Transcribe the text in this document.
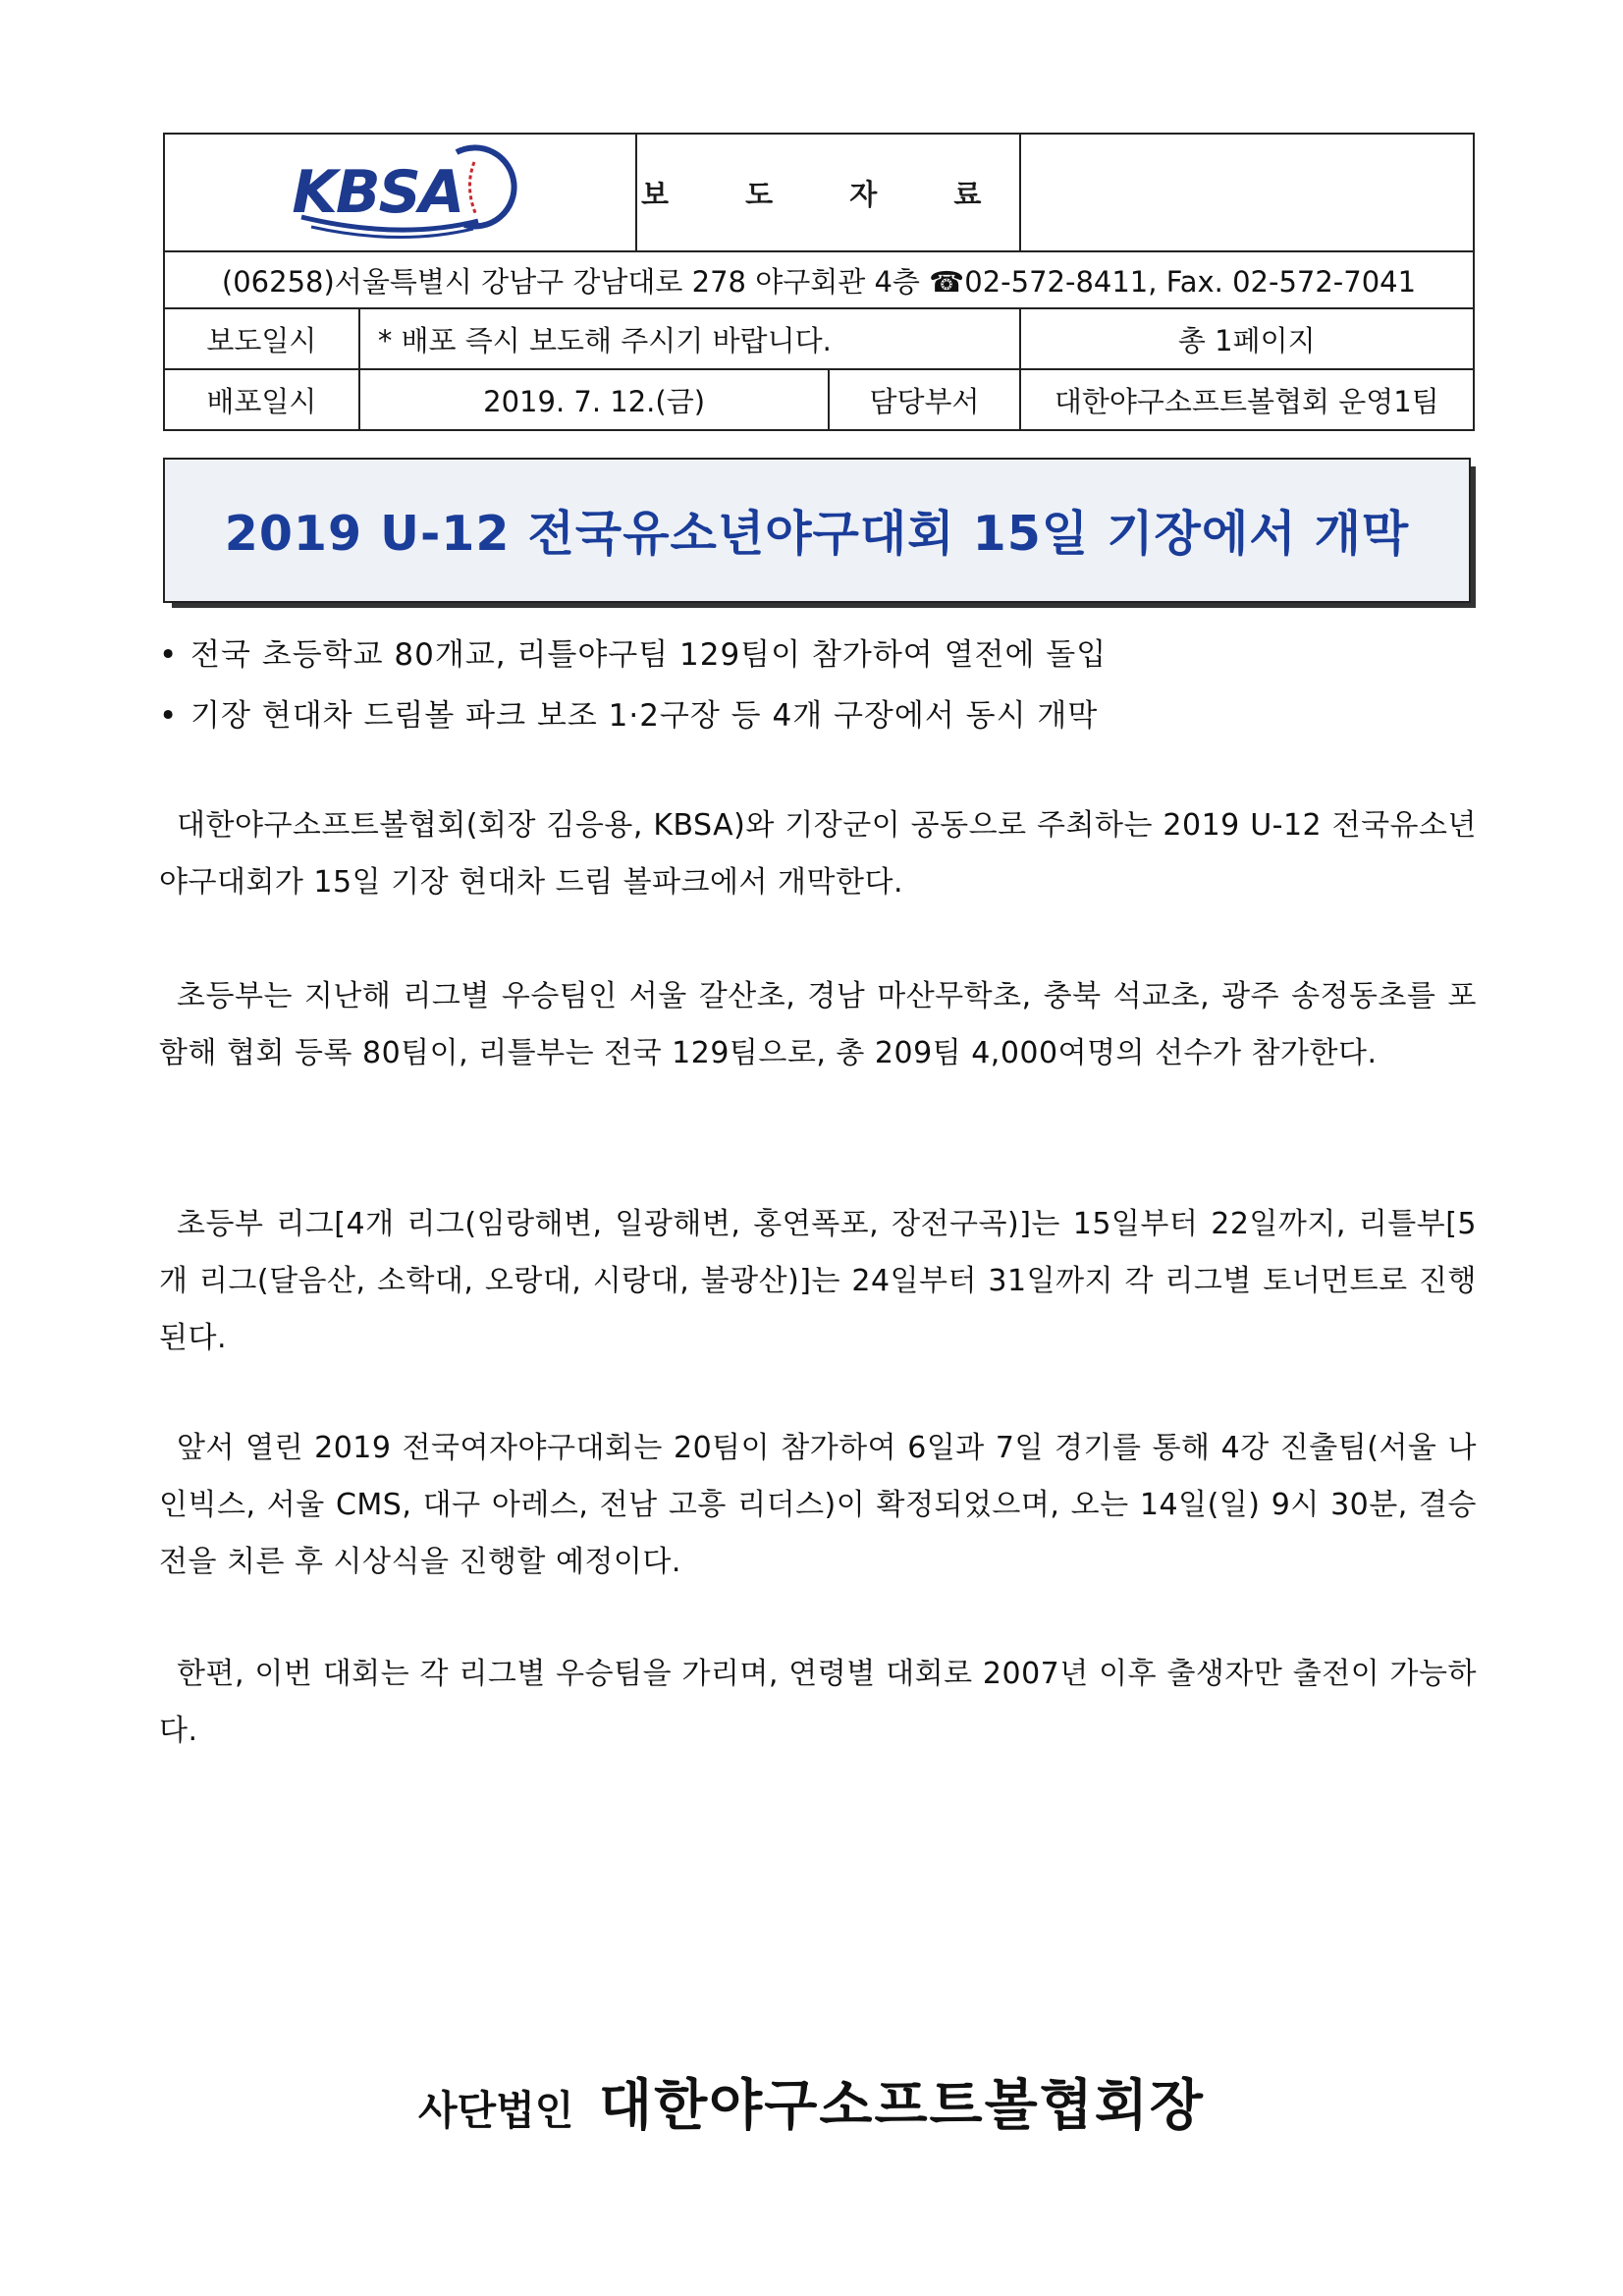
KBSA		보 도 자 료		
(06258)서울특별시 강남구 강남대로 278 야구회관 4층 ☎02-572-8411, Fax. 02-572-7041				
보도일시	* 배포 즉시 보도해 주시기 바랍니다.			총 1페이지
배포일시	2019. 7. 12.(금)		담당부서	대한야구소프트볼협회 운영1팀
2019 U-12 전국유소년야구대회 15일 기장에서 개막
• 전국 초등학교 80개교, 리틀야구팀 129팀이 참가하여 열전에 돌입
• 기장 현대차 드림볼 파크 보조 1·2구장 등 4개 구장에서 동시 개막

대한야구소프트볼협회(회장 김응용, KBSA)와 기장군이 공동으로 주최하는 2019 U-12 전국유소년야구대회가 15일 기장 현대차 드림 볼파크에서 개막한다.

초등부는 지난해 리그별 우승팀인 서울 갈산초, 경남 마산무학초, 충북 석교초, 광주 송정동초를 포함해 협회 등록 80팀이, 리틀부는 전국 129팀으로, 총 209팀 4,000여명의 선수가 참가한다.

초등부 리그[4개 리그(임랑해변, 일광해변, 홍연폭포, 장전구곡)]는 15일부터 22일까지, 리틀부[5개 리그(달음산, 소학대, 오랑대, 시랑대, 불광산)]는 24일부터 31일까지 각 리그별 토너먼트로 진행된다.

앞서 열린 2019 전국여자야구대회는 20팀이 참가하여 6일과 7일 경기를 통해 4강 진출팀(서울 나인빅스, 서울 CMS, 대구 아레스, 전남 고흥 리더스)이 확정되었으며, 오는 14일(일) 9시 30분, 결승전을 치른 후 시상식을 진행할 예정이다.

한편, 이번 대회는 각 리그별 우승팀을 가리며, 연령별 대회로 2007년 이후 출생자만 출전이 가능하다.

사단법인 대한야구소프트볼협회장
